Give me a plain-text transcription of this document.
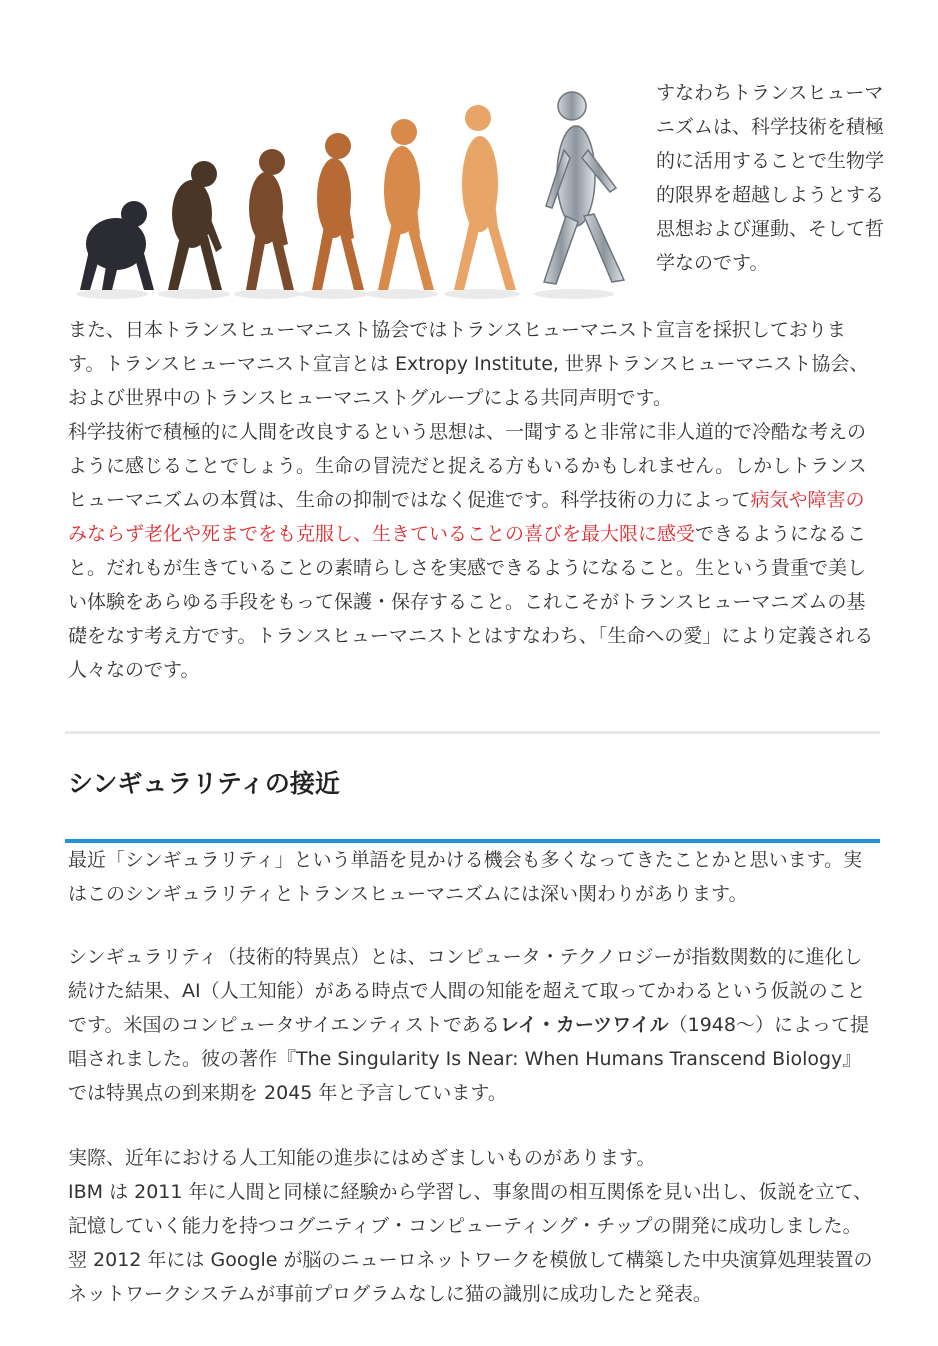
すなわちトランスヒューマニズムは、科学技術を積極的に活用することで生物学的限界を超越しようとする思想および運動、そして哲学なのです。

また、日本トランスヒューマニスト協会ではトランスヒューマニスト宣言を採択しております。トランスヒューマニスト宣言とは Extropy Institute, 世界トランスヒューマニスト協会、および世界中のトランスヒューマニストグループによる共同声明です。

科学技術で積極的に人間を改良するという思想は、一聞すると非常に非人道的で冷酷な考えのように感じることでしょう。生命の冒涜だと捉える方もいるかもしれません。しかしトランスヒューマニズムの本質は、生命の抑制ではなく促進です。科学技術の力によって病気や障害のみならず老化や死までをも克服し、生きていることの喜びを最大限に感受できるようになること。だれもが生きていることの素晴らしさを実感できるようになること。生という貴重で美しい体験をあらゆる手段をもって保護・保存すること。これこそがトランスヒューマニズムの基礎をなす考え方です。トランスヒューマニストとはすなわち、「生命への愛」により定義される人々なのです。

シンギュラリティの接近

最近「シンギュラリティ」という単語を見かける機会も多くなってきたことかと思います。実はこのシンギュラリティとトランスヒューマニズムには深い関わりがあります。

シンギュラリティ（技術的特異点）とは、コンピュータ・テクノロジーが指数関数的に進化し続けた結果、AI（人工知能）がある時点で人間の知能を超えて取ってかわるという仮説のことです。米国のコンピュータサイエンティストであるレイ・カーツワイル（1948～）によって提唱されました。彼の著作『The Singularity Is Near: When Humans Transcend Biology』では特異点の到来期を 2045 年と予言しています。

実際、近年における人工知能の進歩にはめざましいものがあります。
IBM は 2011 年に人間と同様に経験から学習し、事象間の相互関係を見い出し、仮説を立て、記憶していく能力を持つコグニティブ・コンピューティング・チップの開発に成功しました。翌 2012 年には Google が脳のニューロネットワークを模倣して構築した中央演算処理装置のネットワークシステムが事前プログラムなしに猫の識別に成功したと発表。
